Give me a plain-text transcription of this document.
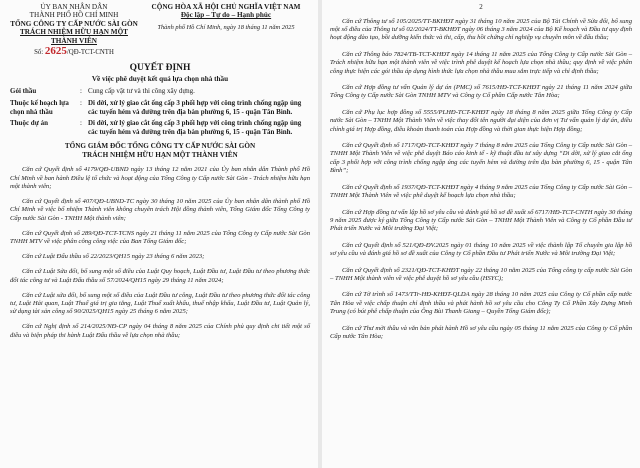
ỦY BAN NHÂN DÂN
THÀNH PHỐ HỒ CHÍ MINH
TỔNG CÔNG TY CẤP NƯỚC SÀI GÒN
TRÁCH NHIỆM HỮU HẠN MỘT THÀNH VIÊN
Số: 2625/QĐ-TCT-CNTH
CỘNG HÒA XÃ HỘI CHỦ NGHĨA VIỆT NAM
Độc lập – Tự do – Hạnh phúc
Thành phố Hồ Chí Minh, ngày 18 tháng 11 năm 2025
QUYẾT ĐỊNH
Về việc phê duyệt kết quả lựa chọn nhà thầu
Gói thầu	: Cung cấp vật tư và thi công xây dựng.
Thuộc kế hoạch lựa chọn nhà thầu
: Di dời, xử lý giao cắt ống cấp 3 phối hợp với công trình chống ngập úng các tuyến hẻm và đường trên địa bàn phường 6, 15 - quận Tân Bình.
Thuộc dự án	: Di dời, xử lý giao cắt ống cấp 3 phối hợp với công trình chống ngập úng các tuyến hẻm và đường trên địa bàn phường 6, 15 - quận Tân Bình.
TỔNG GIÁM ĐỐC TỔNG CÔNG TY CẤP NƯỚC SÀI GÒN
TRÁCH NHIỆM HỮU HẠN MỘT THÀNH VIÊN

Căn cứ Quyết định số 4179/QĐ-UBND ngày 13 tháng 12 năm 2021 của Ủy ban nhân dân Thành phố Hồ Chí Minh về ban hành Điều lệ tổ chức và hoạt động của Tổng Công ty Cấp nước Sài Gòn - Trách nhiệm hữu hạn một thành viên;

Căn cứ Quyết định số 407/QĐ-UBND-TC ngày 30 tháng 10 năm 2025 của Ủy ban nhân dân thành phố Hồ Chí Minh về việc bổ nhiệm Thành viên không chuyên trách Hội đồng thành viên, Tổng Giám đốc Tổng Công ty Cấp nước Sài Gòn - TNHH Một thành viên;

Căn cứ Quyết định số 289/QĐ-TCT-TCNS ngày 21 tháng 11 năm 2025 của Tổng Công ty Cấp nước Sài Gòn TNHH MTV về việc phân công công việc của Ban Tổng Giám đốc;

Căn cứ Luật Đấu thầu số 22/2023/QH15 ngày 23 tháng 6 năm 2023;

Căn cứ Luật Sửa đổi, bổ sung một số điều của Luật Quy hoạch, Luật Đầu tư, Luật Đầu tư theo phương thức đối tác công tư và Luật Đấu thầu số 57/2024/QH15 ngày 29 tháng 11 năm 2024;

Căn cứ Luật sửa đổi, bổ sung một số điều của Luật Đầu tư công, Luật Đầu tư theo phương thức đối tác công tư, Luật Hải quan, Luật Thuế giá trị gia tăng, Luật Thuế xuất khẩu, thuế nhập khẩu, Luật Đầu tư, Luật Quản lý, sử dụng tài sản công số 90/2025/QH15 ngày 25 tháng 6 năm 2025;

Căn cứ Nghị định số 214/2025/NĐ-CP ngày 04 tháng 8 năm 2025 của Chính phủ quy định chi tiết một số điều và biện pháp thi hành Luật Đấu thầu về lựa chọn nhà thầu;

2

Căn cứ Thông tư số 105/2025/TT-BKHĐT ngày 31 tháng 10 năm 2025 của Bộ Tài Chính về Sửa đổi, bổ sung một số điều của Thông tư số 02/2024/TT-BKHĐT ngày 06 tháng 3 năm 2024 của Bộ Kế hoạch và Đầu tư quy định hoạt động đào tạo, bồi dưỡng kiến thức và thi, cấp, thu hồi chứng chỉ nghiệp vụ chuyên môn về đấu thầu;

Căn cứ Thông báo 7824/TB-TCT-KHĐT ngày 14 tháng 11 năm 2025 của Tổng Công ty Cấp nước Sài Gòn – Trách nhiệm hữu hạn một thành viên về việc trình phê duyệt kế hoạch lựa chọn nhà thầu; quy định về việc phân công thực hiện các gói thầu áp dụng hình thức lựa chọn nhà thầu mua sắm trực tiếp và chỉ định thầu;

Căn cứ Hợp đồng tư vấn Quản lý dự án (PMC) số 7615/HĐ-TCT-KHĐT ngày 21 tháng 11 năm 2024 giữa Tổng Công ty Cấp nước Sài Gòn TNHH MTV và Công ty Cổ phần Cấp nước Tân Hòa;

Căn cứ Phụ lục hợp đồng số 5555/PLHĐ-TCT-KHĐT ngày 18 tháng 8 năm 2025 giữa Tổng Công ty Cấp nước Sài Gòn – TNHH Một Thành Viên về việc thay đổi tên người đại diện của đơn vị Tư vấn quản lý dự án, điều chỉnh giá trị Hợp đồng, điều khoản thanh toán của Hợp đồng và thời gian thực hiện Hợp đồng;

Căn cứ Quyết định số 1717/QĐ-TCT-KHĐT ngày 7 tháng 8 năm 2025 của Tổng Công ty Cấp nước Sài Gòn – TNHH Một Thành Viên về việc phê duyệt Báo cáo kinh tế - kỹ thuật đầu tư xây dựng “Di dời, xử lý giao cắt ống cấp 3 phối hợp với công trình chống ngập úng các tuyến hẻm và đường trên địa bàn phường 6, 15 - quận Tân Bình”;

Căn cứ Quyết định số 1937/QĐ-TCT-KHĐT ngày 4 tháng 9 năm 2025 của Tổng Công ty Cấp nước Sài Gòn – TNHH Một Thành Viên về việc phê duyệt kế hoạch lựa chọn nhà thầu;

Căn cứ Hợp đồng tư vấn lập hồ sơ yêu cầu và đánh giá hồ sơ đề xuất số 6717/HĐ-TCT-CNTH ngày 30 tháng 9 năm 2025 được ký giữa Tổng Công ty Cấp nước Sài Gòn – TNHH Một Thành Viên và Công ty Cổ phần Đầu tư Phát triển Nước và Môi trường Đại Việt;

Căn cứ Quyết định số 521/QĐ-ĐV.2025 ngày 01 tháng 10 năm 2025 về việc thành lập Tổ chuyên gia lập hồ sơ yêu cầu và đánh giá hồ sơ đề xuất của Công ty Cổ phần Đầu tư Phát triển Nước và Môi trường Đại Việt;

Căn cứ Quyết định số 2321/QĐ-TCT-KHĐT ngày 22 tháng 10 năm 2025 của Tổng công ty cấp nước Sài Gòn – TNHH Một thành viên về việc phê duyệt hồ sơ yêu cầu (HSYC);

Căn cứ Tờ trình số 1473/TTr-HĐ-KHĐT-QLDA ngày 28 tháng 10 năm 2025 của Công ty Cổ phần cấp nước Tân Hòa về việc chấp thuận chỉ định thầu và phát hành hồ sơ yêu cầu cho Công Ty Cổ Phần Xây Dựng Minh Trung (có bút phê chấp thuận của Ông Bùi Thanh Giang – Quyền Tổng Giám đốc);

Căn cứ Thư mời thầu và văn bản phát hành Hồ sơ yêu cầu ngày 05 tháng 11 năm 2025 của Công ty Cổ phần Cấp nước Tân Hòa;
